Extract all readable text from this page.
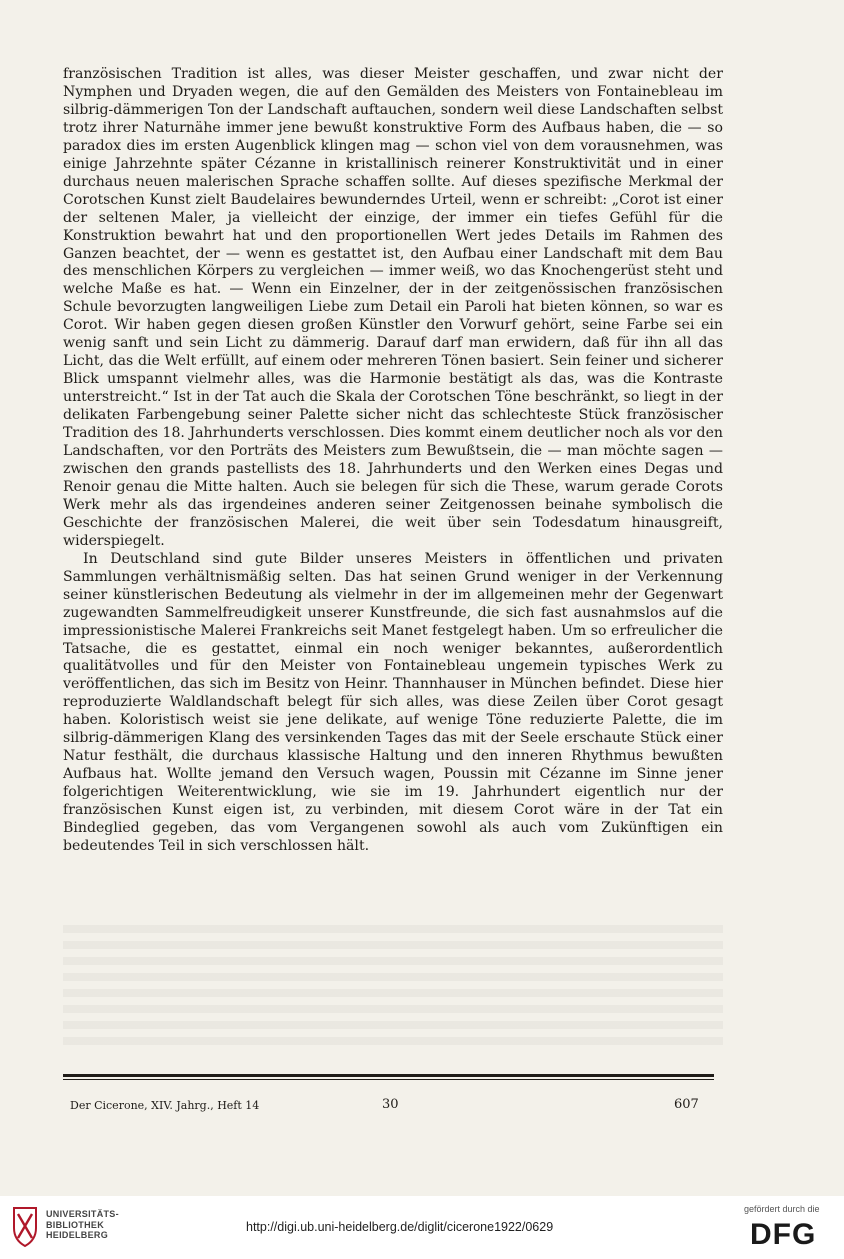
französischen Tradition ist alles, was dieser Meister geschaffen, und zwar nicht der Nymphen und Dryaden wegen, die auf den Gemälden des Meisters von Fontainebleau im silbrig-dämmerigen Ton der Landschaft auftauchen, sondern weil diese Landschaften selbst trotz ihrer Naturnähe immer jene bewußt konstruktive Form des Aufbaus haben, die — so paradox dies im ersten Augenblick klingen mag — schon viel von dem vorausnehmen, was einige Jahrzehnte später Cézanne in kristallinisch reinerer Konstruktivität und in einer durchaus neuen malerischen Sprache schaffen sollte. Auf dieses spezifische Merkmal der Corotschen Kunst zielt Baudelaires bewunderndes Urteil, wenn er schreibt: „Corot ist einer der seltenen Maler, ja vielleicht der einzige, der immer ein tiefes Gefühl für die Konstruktion bewahrt hat und den proportionellen Wert jedes Details im Rahmen des Ganzen beachtet, der — wenn es gestattet ist, den Aufbau einer Landschaft mit dem Bau des menschlichen Körpers zu vergleichen — immer weiß, wo das Knochengerüst steht und welche Maße es hat. — Wenn ein Einzelner, der in der zeitgenössischen französischen Schule bevorzugten langweiligen Liebe zum Detail ein Paroli hat bieten können, so war es Corot. Wir haben gegen diesen großen Künstler den Vorwurf gehört, seine Farbe sei ein wenig sanft und sein Licht zu dämmerig. Darauf darf man erwidern, daß für ihn all das Licht, das die Welt erfüllt, auf einem oder mehreren Tönen basiert. Sein feiner und sicherer Blick umspannt vielmehr alles, was die Harmonie bestätigt als das, was die Kontraste unterstreicht.“ Ist in der Tat auch die Skala der Corotschen Töne beschränkt, so liegt in der delikaten Farbengebung seiner Palette sicher nicht das schlechteste Stück französischer Tradition des 18. Jahrhunderts verschlossen. Dies kommt einem deutlicher noch als vor den Landschaften, vor den Porträts des Meisters zum Bewußtsein, die — man möchte sagen — zwischen den grands pastellists des 18. Jahrhunderts und den Werken eines Degas und Renoir genau die Mitte halten. Auch sie belegen für sich die These, warum gerade Corots Werk mehr als das irgendeines anderen seiner Zeitgenossen beinahe symbolisch die Geschichte der französischen Malerei, die weit über sein Todesdatum hinausgreift, widerspiegelt.

In Deutschland sind gute Bilder unseres Meisters in öffentlichen und privaten Sammlungen verhältnismäßig selten. Das hat seinen Grund weniger in der Verkennung seiner künstlerischen Bedeutung als vielmehr in der im allgemeinen mehr der Gegenwart zugewandten Sammelfreudigkeit unserer Kunstfreunde, die sich fast ausnahmslos auf die impressionistische Malerei Frankreichs seit Manet festgelegt haben. Um so erfreulicher die Tatsache, die es gestattet, einmal ein noch weniger bekanntes, außerordentlich qualitätvolles und für den Meister von Fontainebleau ungemein typisches Werk zu veröffentlichen, das sich im Besitz von Heinr. Thannhauser in München befindet. Diese hier reproduzierte Waldlandschaft belegt für sich alles, was diese Zeilen über Corot gesagt haben. Koloristisch weist sie jene delikate, auf wenige Töne reduzierte Palette, die im silbrig-dämmerigen Klang des versinkenden Tages das mit der Seele erschaute Stück einer Natur festhält, die durchaus klassische Haltung und den inneren Rhythmus bewußten Aufbaus hat. Wollte jemand den Versuch wagen, Poussin mit Cézanne im Sinne jener folgerichtigen Weiterentwicklung, wie sie im 19. Jahrhundert eigentlich nur der französischen Kunst eigen ist, zu verbinden, mit diesem Corot wäre in der Tat ein Bindeglied gegeben, das vom Vergangenen sowohl als auch vom Zukünftigen ein bedeutendes Teil in sich verschlossen hält.

Der Cicerone, XIV. Jahrg., Heft 14	30	607
UNIVERSITÄTS-
BIBLIOTHEK
HEIDELBERG
http://digi.ub.uni-heidelberg.de/diglit/cicerone1922/0629
gefördert durch die
DFG
